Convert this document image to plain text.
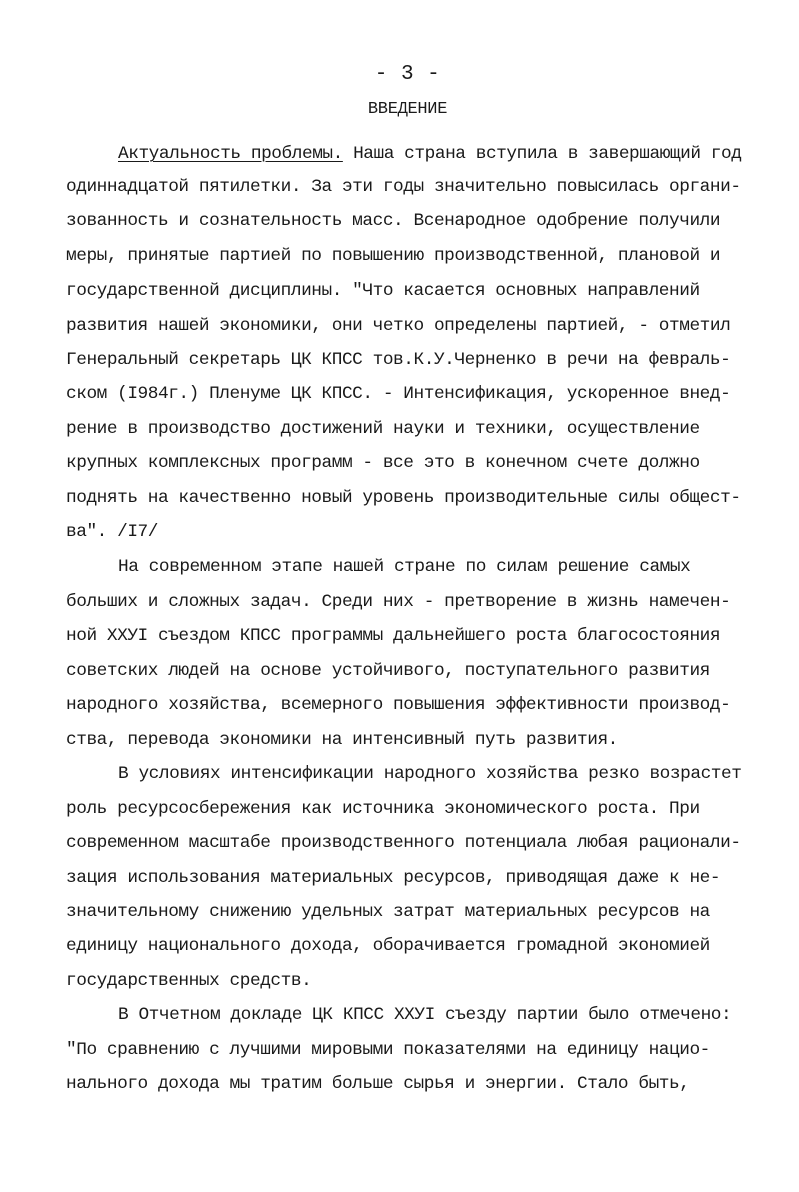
- 3 -
ВВЕДЕНИЕ
Актуальность проблемы. Наша страна вступила в завершающий год
одиннадцатой пятилетки. За эти годы значительно повысилась органи-
зованность и сознательность масс. Всенародное одобрение получили
меры, принятые партией по повышению производственной, плановой и
государственной дисциплины. "Что касается основных направлений
развития нашей экономики, они четко определены партией, - отметил
Генеральный секретарь ЦК КПСС тов.К.У.Черненко в речи на февраль-
ском (I984г.) Пленуме ЦК КПСС. - Интенсификация, ускоренное внед-
рение в производство достижений науки и техники, осуществление
крупных комплексных программ - все это в конечном счете должно
поднять на качественно новый уровень производительные силы общест-
ва". /I7/
На современном этапе нашей стране по силам решение самых
больших и сложных задач. Среди них - претворение в жизнь намечен-
ной XXУI съездом КПСС программы дальнейшего роста благосостояния
советских людей на основе устойчивого, поступательного развития
народного хозяйства, всемерного повышения эффективности производ-
ства, перевода экономики на интенсивный путь развития.
В условиях интенсификации народного хозяйства резко возрастет
роль ресурсосбережения как источника экономического роста. При
современном масштабе производственного потенциала любая рационали-
зация использования материальных ресурсов, приводящая даже к не-
значительному снижению удельных затрат материальных ресурсов на
единицу национального дохода, оборачивается громадной экономией
государственных средств.
В Отчетном докладе ЦК КПСС XXУI съезду партии было отмечено:
"По сравнению с лучшими мировыми показателями на единицу нацио-
нального дохода мы тратим больше сырья и энергии. Стало быть,
